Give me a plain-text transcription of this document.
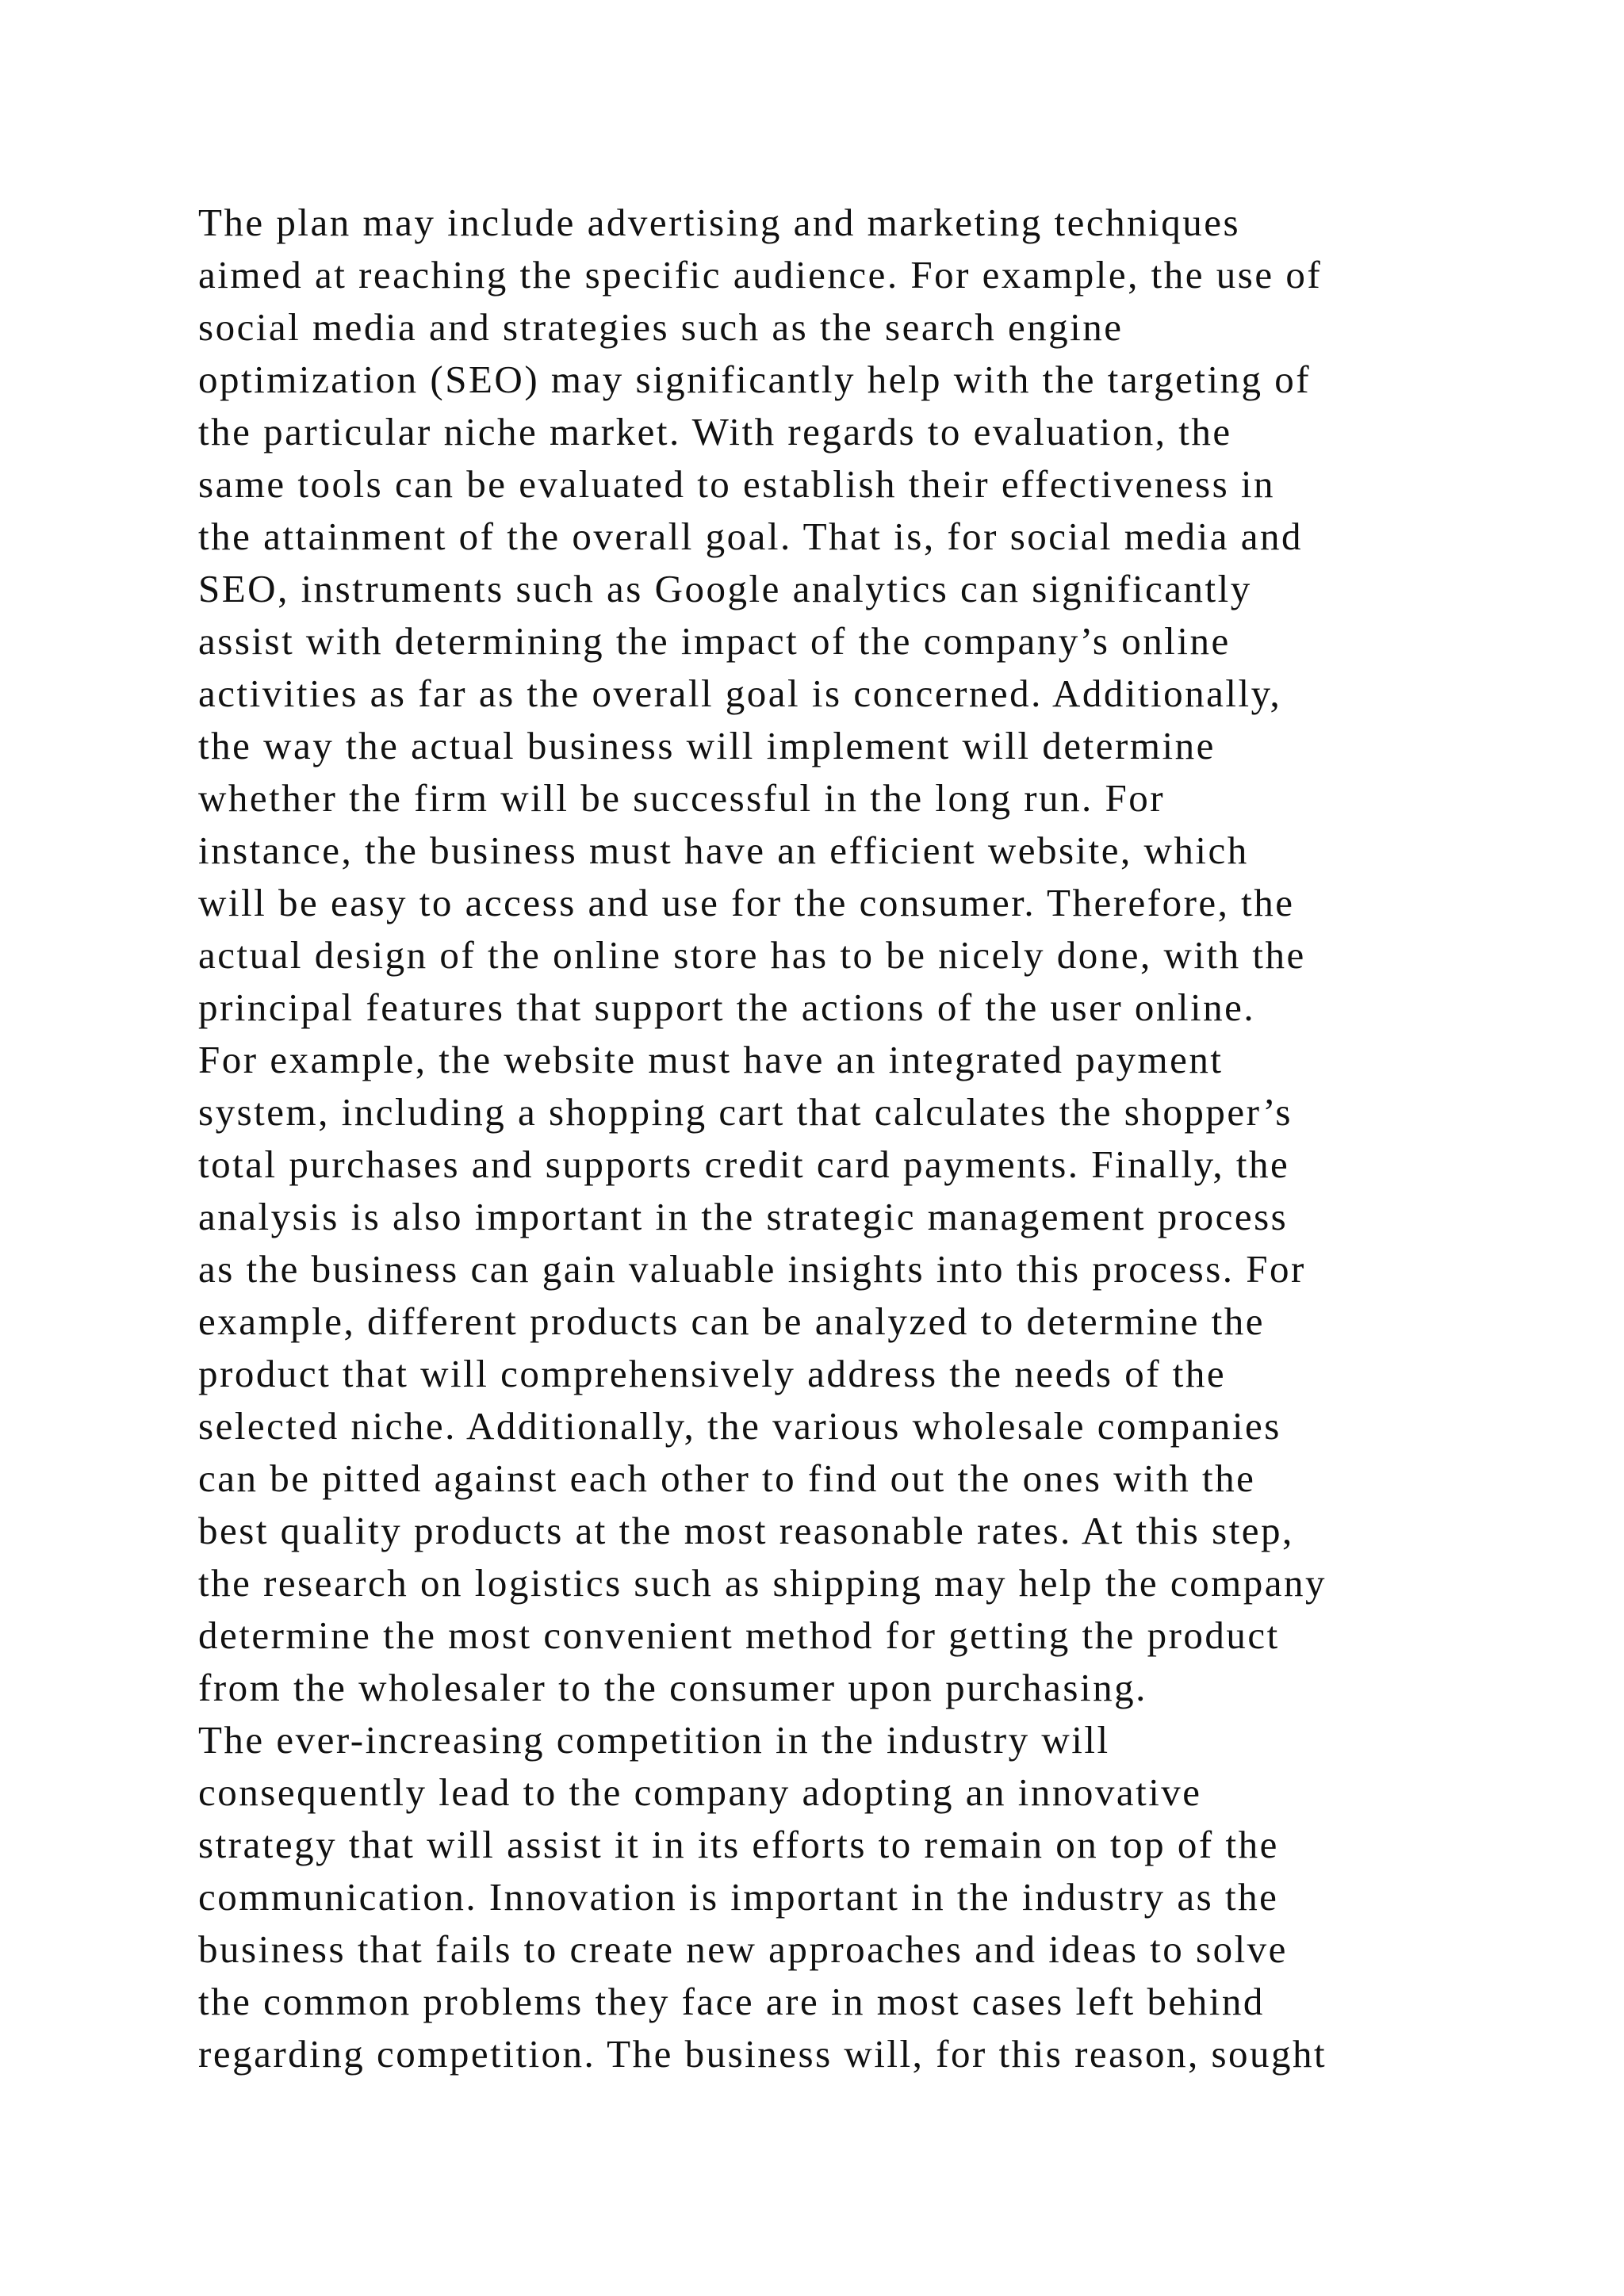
The plan may include advertising and marketing techniques
aimed at reaching the specific audience. For example, the use of
social media and strategies such as the search engine
optimization (SEO) may significantly help with the targeting of
the particular niche market. With regards to evaluation, the
same tools can be evaluated to establish their effectiveness in
the attainment of the overall goal. That is, for social media and
SEO, instruments such as Google analytics can significantly
assist with determining the impact of the company’s online
activities as far as the overall goal is concerned. Additionally,
the way the actual business will implement will determine
whether the firm will be successful in the long run. For
instance, the business must have an efficient website, which
will be easy to access and use for the consumer. Therefore, the
actual design of the online store has to be nicely done, with the
principal features that support the actions of the user online.
For example, the website must have an integrated payment
system, including a shopping cart that calculates the shopper’s
total purchases and supports credit card payments. Finally, the
analysis is also important in the strategic management process
as the business can gain valuable insights into this process. For
example, different products can be analyzed to determine the
product that will comprehensively address the needs of the
selected niche. Additionally, the various wholesale companies
can be pitted against each other to find out the ones with the
best quality products at the most reasonable rates. At this step,
the research on logistics such as shipping may help the company
determine the most convenient method for getting the product
from the wholesaler to the consumer upon purchasing.
The ever-increasing competition in the industry will
consequently lead to the company adopting an innovative
strategy that will assist it in its efforts to remain on top of the
communication. Innovation is important in the industry as the
business that fails to create new approaches and ideas to solve
the common problems they face are in most cases left behind
regarding competition. The business will, for this reason, sought
